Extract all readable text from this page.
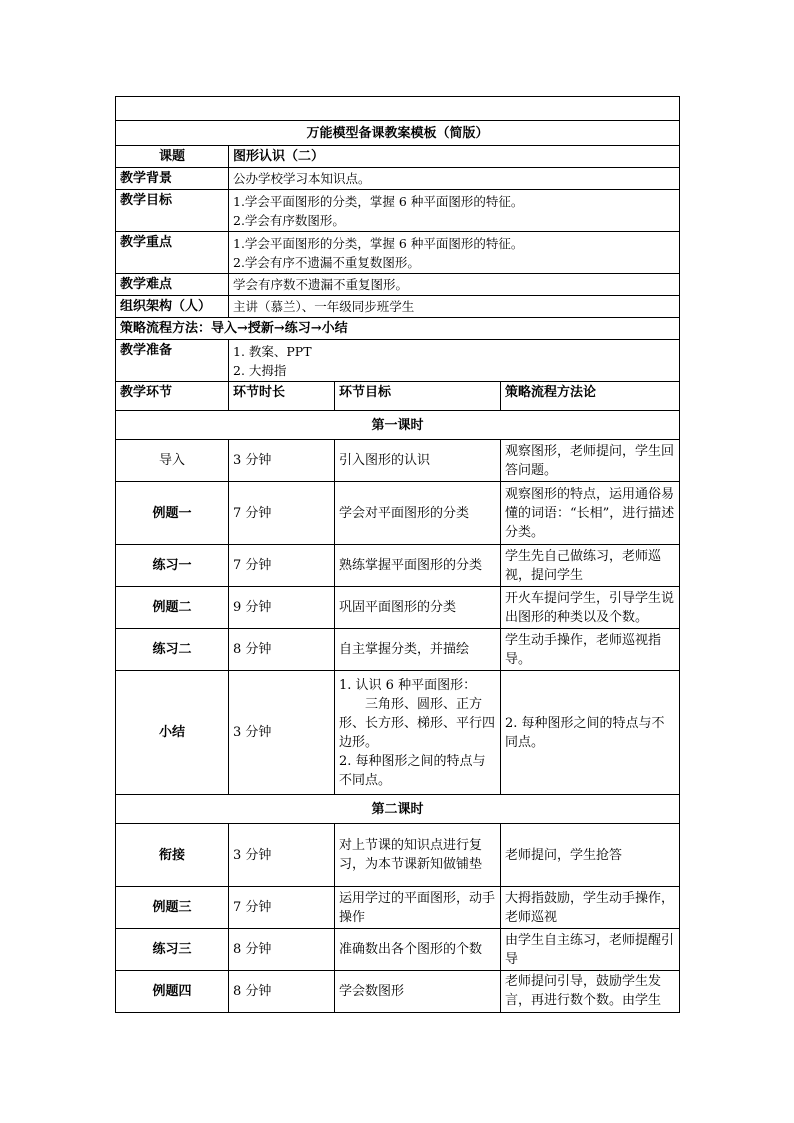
万能模型备课教案模板（简版）			
课题	图形认识（二）		
教学背景	公办学校学习本知识点。		
教学目标	1.学会平面图形的分类，掌握 6 种平面图形的特征。
2.学会有序数图形。		

教学重点	1.学会平面图形的分类，掌握 6 种平面图形的特征。
2.学会有序不遗漏不重复数图形。		

教学难点	学会有序数不遗漏不重复图形。		
组织架构（人）	主讲（慕兰）、一年级同步班学生		
策略流程方法：导入→授新→练习→小结			
教学准备	1. 教案、PPT
2. 大拇指		

教学环节	环节时长	环节目标	策略流程方法论
第一课时			
导入	3 分钟	引入图形的认识	观察图形，老师提问，学生回答问题。
例题一	7 分钟	学会对平面图形的分类	观察图形的特点，运用通俗易懂的词语：“长相”，进行描述分类。
练习一	7 分钟	熟练掌握平面图形的分类	学生先自己做练习，老师巡视，提问学生
例题二	9 分钟	巩固平面图形的分类	开火车提问学生，引导学生说出图形的种类以及个数。
练习二	8 分钟	自主掌握分类，并描绘	学生动手操作，老师巡视指导。
小结	3 分钟	1. 认识 6 种平面图形：
三角形、圆形、正方形、长方形、梯形、平行四边形。
2. 每种图形之间的特点与不同点。	2. 每种图形之间的特点与不同点。
第二课时			
衔接	3 分钟	对上节课的知识点进行复习，为本节课新知做铺垫	老师提问，学生抢答
例题三	7 分钟	运用学过的平面图形，动手操作	大拇指鼓励，学生动手操作，老师巡视
练习三	8 分钟	准确数出各个图形的个数	由学生自主练习，老师提醒引导
例题四	8 分钟	学会数图形	老师提问引导，鼓励学生发言，再进行数个数。由学生
